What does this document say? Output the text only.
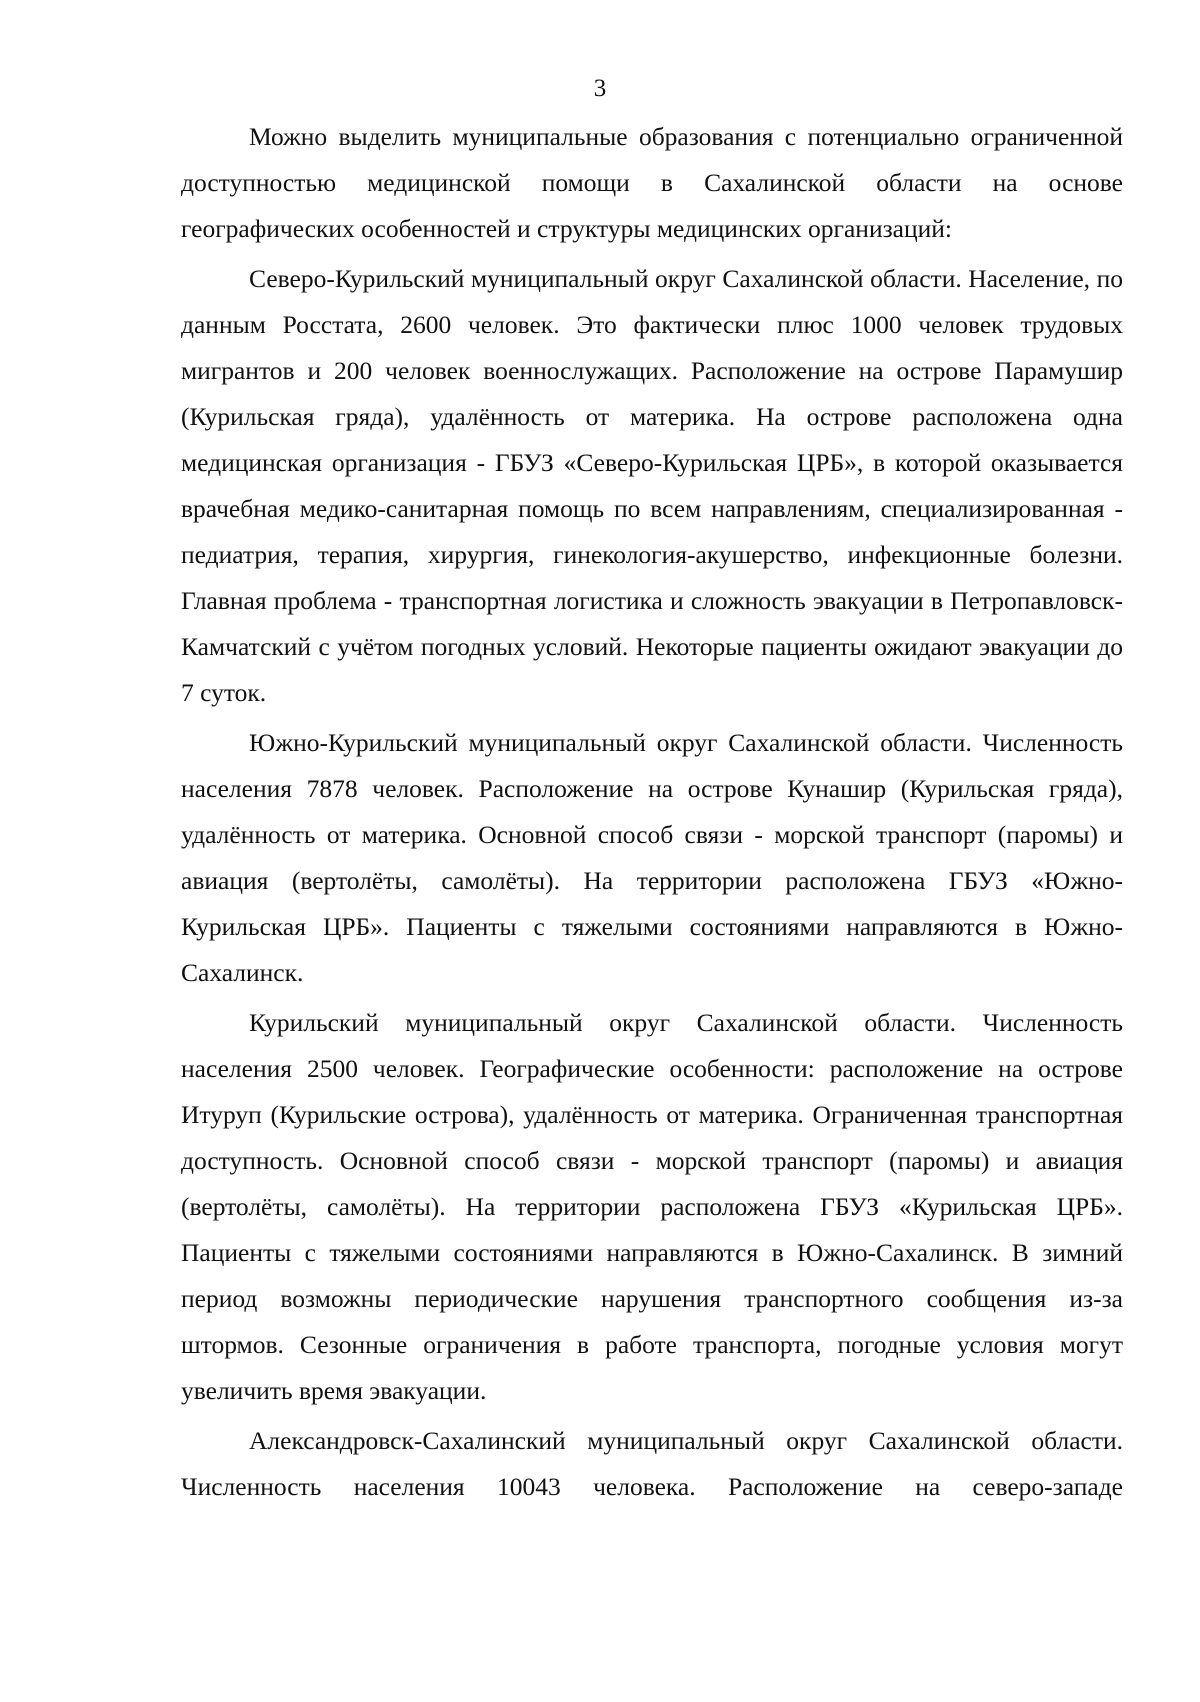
3

Можно выделить муниципальные образования с потенциально ограниченной доступностью медицинской помощи в Сахалинской области на основе географических особенностей и структуры медицинских организаций:

Северо-Курильский муниципальный округ Сахалинской области. Население, по данным Росстата, 2600 человек. Это фактически плюс 1000 человек трудовых мигрантов и 200 человек военнослужащих. Расположение на острове Парамушир (Курильская гряда), удалённость от материка. На острове расположена одна медицинская организация - ГБУЗ «Северо-Курильская ЦРБ», в которой оказывается врачебная медико-санитарная помощь по всем направлениям, специализированная - педиатрия, терапия, хирургия, гинекология-акушерство, инфекционные болезни. Главная проблема - транспортная логистика и сложность эвакуации в Петропавловск-Камчатский с учётом погодных условий. Некоторые пациенты ожидают эвакуации до 7 суток.

Южно-Курильский муниципальный округ Сахалинской области. Численность населения 7878 человек. Расположение на острове Кунашир (Курильская гряда), удалённость от материка. Основной способ связи - морской транспорт (паромы) и авиация (вертолёты, самолёты). На территории расположена ГБУЗ «Южно-Курильская ЦРБ». Пациенты с тяжелыми состояниями направляются в Южно-Сахалинск.

Курильский муниципальный округ Сахалинской области. Численность населения 2500 человек. Географические особенности: расположение на острове Итуруп (Курильские острова), удалённость от материка. Ограниченная транспортная доступность. Основной способ связи - морской транспорт (паромы) и авиация (вертолёты, самолёты). На территории расположена ГБУЗ «Курильская ЦРБ». Пациенты с тяжелыми состояниями направляются в Южно-Сахалинск. В зимний период возможны периодические нарушения транспортного сообщения из-за штормов. Сезонные ограничения в работе транспорта, погодные условия могут увеличить время эвакуации.

Александровск-Сахалинский муниципальный округ Сахалинской области. Численность населения 10043 человека. Расположение на северо-западе
